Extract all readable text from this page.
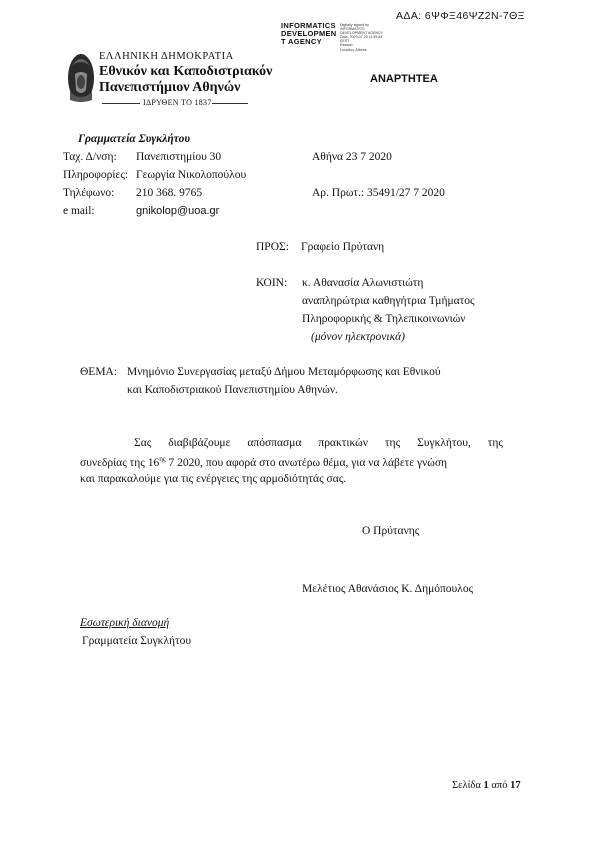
ΑΔΑ: 6ΨΦΞ46ΨΖ2Ν-7ΘΞ
INFORMATICS
DEVELOPMEN
T AGENCY
Digitally signed by
INFORMATICS
DEVELOPMENT AGENCY
Date: 2020.07.29 11:49:54
EEST
Reason:
Location: Athens
ΕΛΛΗΝΙΚΗ ΔΗΜΟΚΡΑΤΙΑ
Εθνικόν και Καποδιστριακόν
Πανεπιστήμιον Αθηνών
ΙΔΡΥΘΕΝ ΤΟ 1837
ΑΝΑΡΤΗΤΕΑ
Γραμματεία Συγκλήτου
Ταχ. Δ/νση: Πανεπιστημίου 30	Αθήνα 23 7 2020
Πληροφορίες: Γεωργία Νικολοπούλου
Τηλέφωνο: 210 368. 9765	Αρ. Πρωτ.: 35491/27 7 2020
e mail:	gnikolop@uoa.gr
ΠΡΟΣ: Γραφείο Πρύτανη
ΚΟΙΝ: κ. Αθανασία Αλωνιστιώτη
αναπληρώτρια καθηγήτρια Τμήματος
Πληροφορικής & Τηλεπικοινωνιών
(μόνον ηλεκτρονικά)
ΘΕΜΑ: Μνημόνιο Συνεργασίας μεταξύ Δήμου Μεταμόρφωσης και Εθνικού
και Καποδιστριακού Πανεπιστημίου Αθηνών.
Σας διαβιβάζουμε απόσπασμα πρακτικών της Συγκλήτου, της
συνεδρίας της $16^{\eta\varsigma}$ 7 2020, που αφορά στο ανωτέρω θέμα, για να λάβετε γνώση
και παρακαλούμε για τις ενέργειες της αρμοδιότητάς σας.
Ο Πρύτανης
Μελέτιος Αθανάσιος Κ. Δημόπουλος
Εσωτερική διανομή
Γραμματεία Συγκλήτου
Σελίδα 1 από 17
